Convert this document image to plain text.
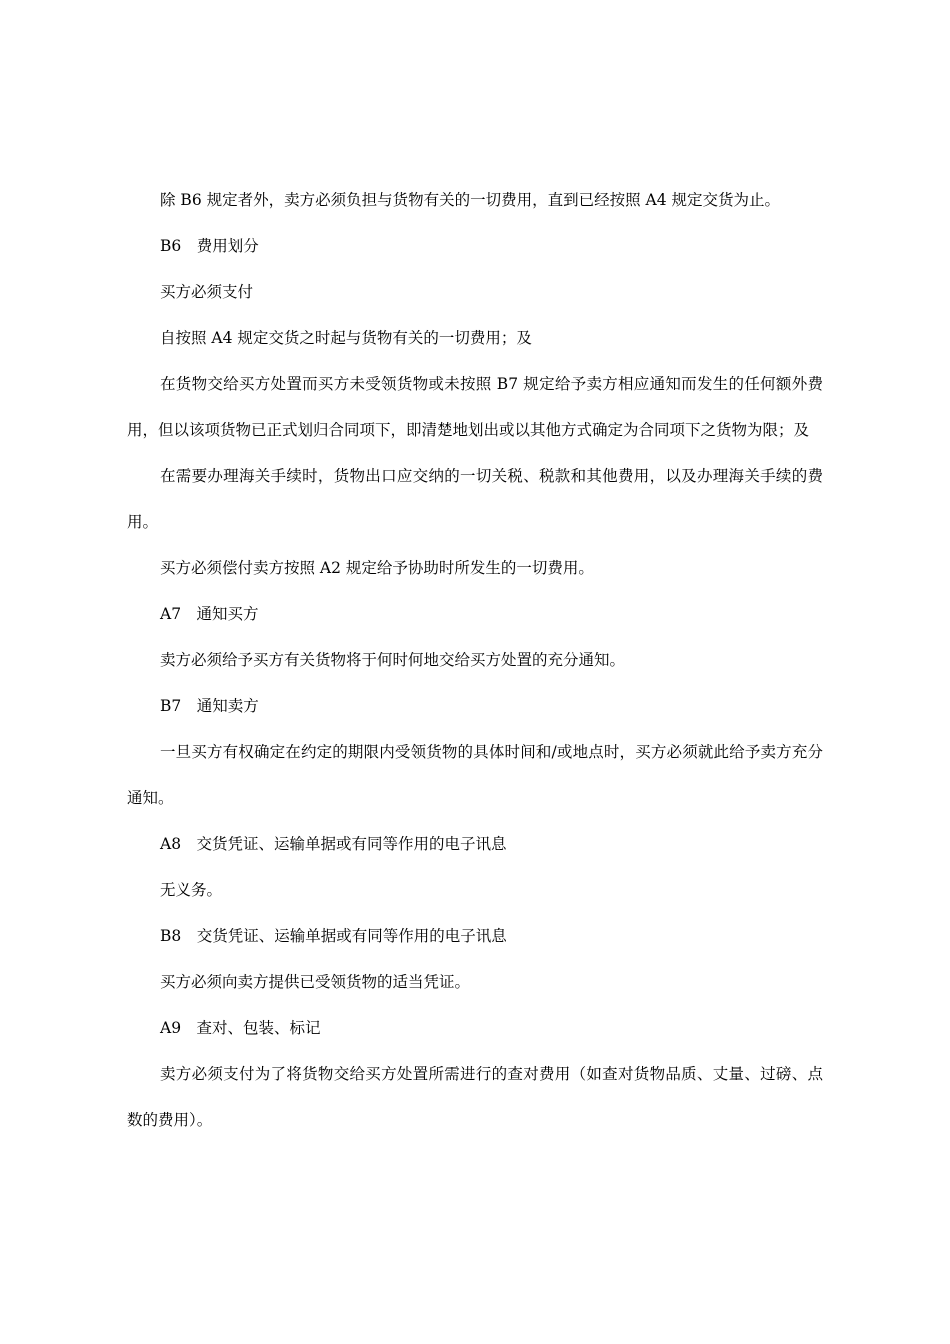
除 B6 规定者外，卖方必须负担与货物有关的一切费用，直到已经按照 A4 规定交货为止。

B6　费用划分

买方必须支付

自按照 A4 规定交货之时起与货物有关的一切费用；及

在货物交给买方处置而买方未受领货物或未按照 B7 规定给予卖方相应通知而发生的任何额外费用，但以该项货物已正式划归合同项下，即清楚地划出或以其他方式确定为合同项下之货物为限；及

在需要办理海关手续时，货物出口应交纳的一切关税、税款和其他费用，以及办理海关手续的费用。

买方必须偿付卖方按照 A2 规定给予协助时所发生的一切费用。

A7　通知买方

卖方必须给予买方有关货物将于何时何地交给买方处置的充分通知。

B7　通知卖方

一旦买方有权确定在约定的期限内受领货物的具体时间和/或地点时，买方必须就此给予卖方充分通知。

A8　交货凭证、运输单据或有同等作用的电子讯息

无义务。

B8　交货凭证、运输单据或有同等作用的电子讯息

买方必须向卖方提供已受领货物的适当凭证。

A9　查对、包装、标记

卖方必须支付为了将货物交给买方处置所需进行的查对费用（如查对货物品质、丈量、过磅、点数的费用）。
